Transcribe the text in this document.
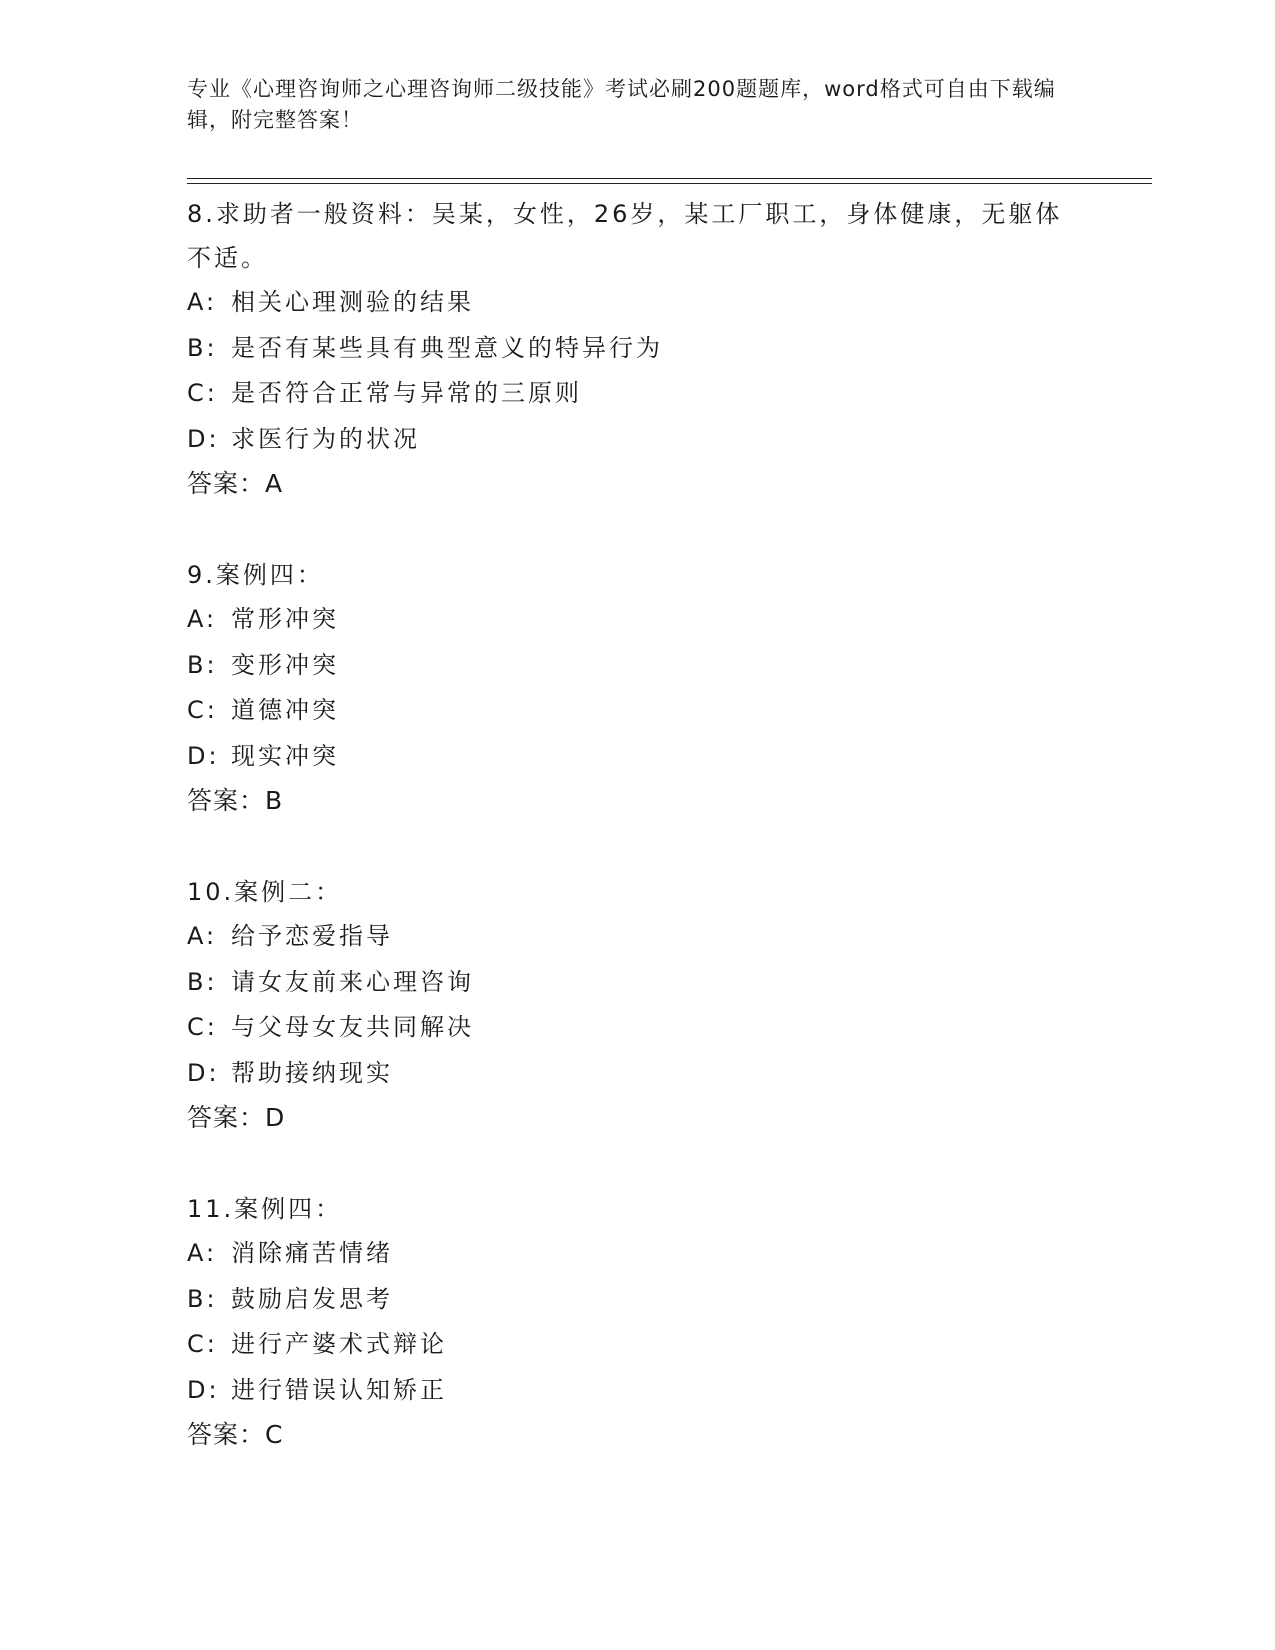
专业《心理咨询师之心理咨询师二级技能》考试必刷200题题库，word格式可自由下载编辑，附完整答案！

8.求助者一般资料：吴某，女性，26岁，某工厂职工，身体健康，无躯体不适。

A: 相关心理测验的结果

B: 是否有某些具有典型意义的特异行为

C: 是否符合正常与异常的三原则

D: 求医行为的状况

答案：A

9.案例四：

A: 常形冲突

B: 变形冲突

C: 道德冲突

D: 现实冲突

答案：B

10.案例二：

A: 给予恋爱指导

B: 请女友前来心理咨询

C: 与父母女友共同解决

D: 帮助接纳现实

答案：D

11.案例四：

A: 消除痛苦情绪

B: 鼓励启发思考

C: 进行产婆术式辩论

D: 进行错误认知矫正

答案：C
